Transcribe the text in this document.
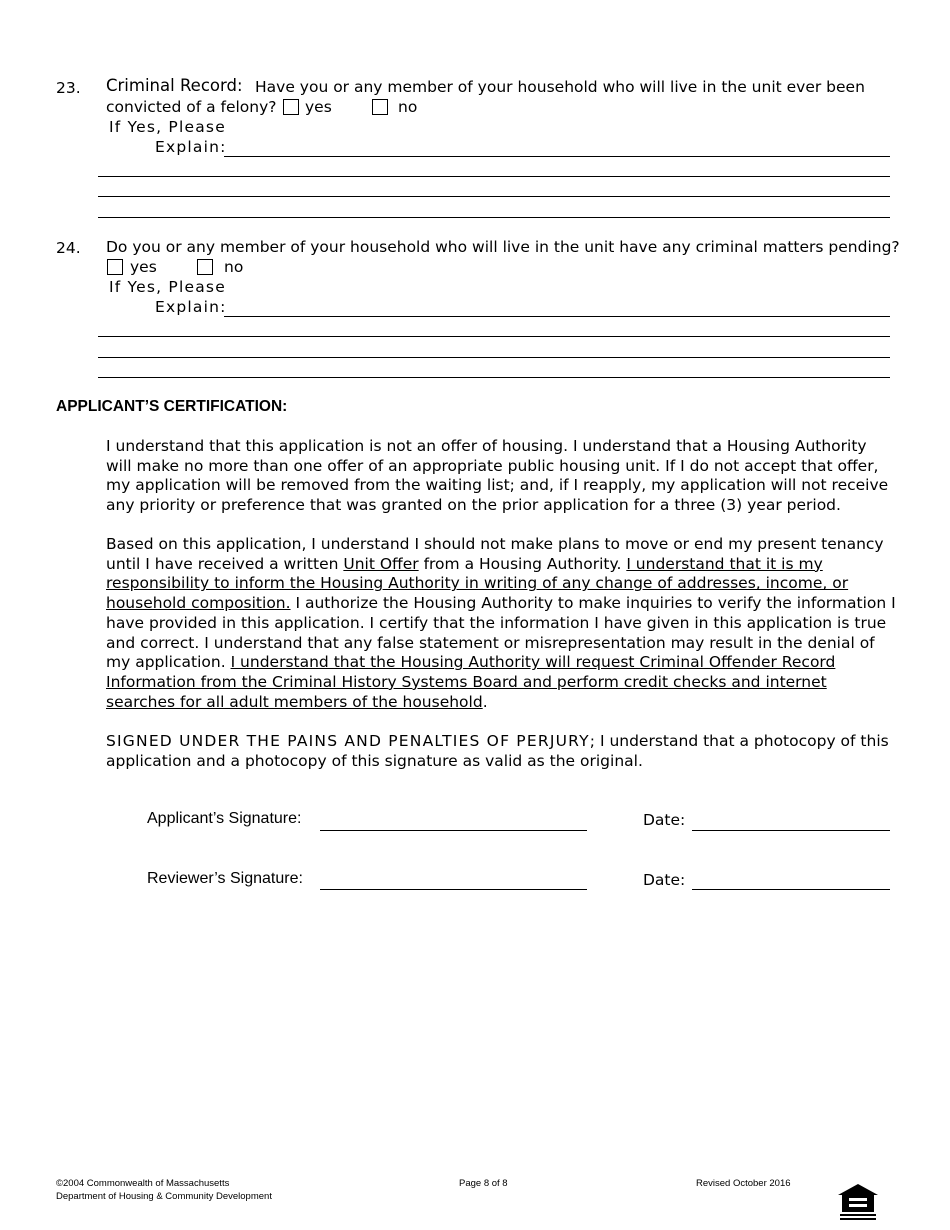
23. Criminal Record: Have you or any member of your household who will live in the unit ever been
convicted of a felony? yes	no
If Yes, Please
Explain:
24. Do you or any member of your household who will live in the unit have any criminal matters pending?
yes	no
If Yes, Please
Explain:
APPLICANT’S CERTIFICATION:
I understand that this application is not an offer of housing. I understand that a Housing Authority will make no more than one offer of an appropriate public housing unit. If I do not accept that offer, my application will be removed from the waiting list; and, if I reapply, my application will not receive any priority or preference that was granted on the prior application for a three (3) year period.
Based on this application, I understand I should not make plans to move or end my present tenancy until I have received a written Unit Offer from a Housing Authority. I understand that it is my responsibility to inform the Housing Authority in writing of any change of addresses, income, or household composition. I authorize the Housing Authority to make inquiries to verify the information I have provided in this application. I certify that the information I have given in this application is true and correct. I understand that any false statement or misrepresentation may result in the denial of my application. I understand that the Housing Authority will request Criminal Offender Record Information from the Criminal History Systems Board and perform credit checks and internet searches for all adult members of the household.
SIGNED UNDER THE PAINS AND PENALTIES OF PERJURY; I understand that a photocopy of this application and a photocopy of this signature as valid as the original.
Applicant’s Signature:	Date:
Reviewer’s Signature:	Date:
©2004 Commonwealth of Massachusetts
Department of Housing & Community Development
Page 8 of 8	Revised October 2016
